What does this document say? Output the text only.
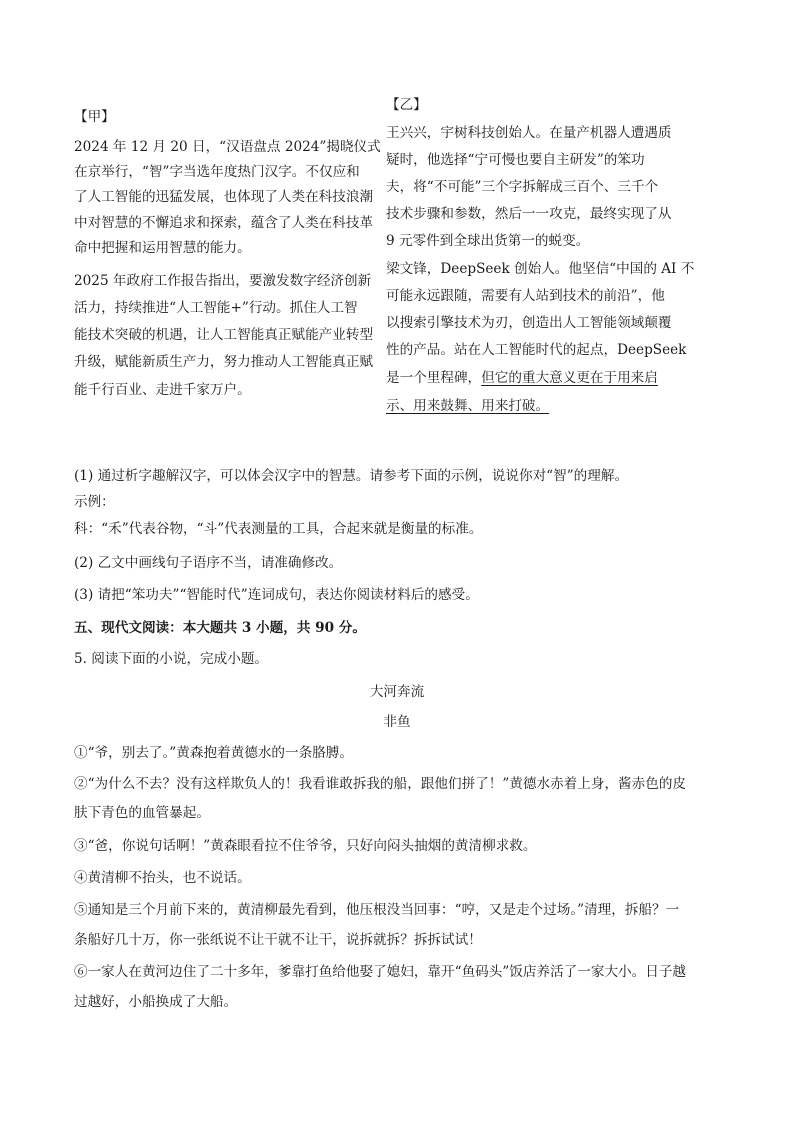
【甲】
2024 年 12 月 20 日，“汉语盘点 2024”揭晓仪式
在京举行，“智”字当选年度热门汉字。不仅应和
了人工智能的迅猛发展，也体现了人类在科技浪潮
中对智慧的不懈追求和探索，蕴含了人类在科技革
命中把握和运用智慧的能力。
2025 年政府工作报告指出，要激发数字经济创新
活力，持续推进“人工智能+”行动。抓住人工智
能技术突破的机遇，让人工智能真正赋能产业转型
升级，赋能新质生产力，努力推动人工智能真正赋
能千行百业、走进千家万户。
【乙】
王兴兴，宇树科技创始人。在量产机器人遭遇质
疑时，他选择“宁可慢也要自主研发”的笨功
夫，将“不可能”三个字拆解成三百个、三千个
技术步骤和参数，然后一一攻克，最终实现了从
9 元零件到全球出货第一的蜕变。
梁文锋，DeepSeek 创始人。他坚信“中国的 AI 不
可能永远跟随，需要有人站到技术的前沿”，他
以搜索引擎技术为刃，创造出人工智能领域颠覆
性的产品。站在人工智能时代的起点，DeepSeek
是一个里程碑，但它的重大意义更在于用来启
示、用来鼓舞、用来打破。
(1) 通过析字趣解汉字，可以体会汉字中的智慧。请参考下面的示例，说说你对“智”的理解。
示例：
科：“禾”代表谷物，“斗”代表测量的工具，合起来就是衡量的标准。
(2) 乙文中画线句子语序不当，请准确修改。
(3) 请把“笨功夫”“智能时代”连词成句，表达你阅读材料后的感受。
五、现代文阅读：本大题共 3 小题，共 90 分。
5. 阅读下面的小说，完成小题。
大河奔流
非鱼
①“爷，别去了。”黄森抱着黄德水的一条胳膊。
②“为什么不去？没有这样欺负人的！我看谁敢拆我的船，跟他们拼了！”黄德水赤着上身，酱赤色的皮
肤下青色的血管暴起。
③“爸，你说句话啊！”黄森眼看拉不住爷爷，只好向闷头抽烟的黄清柳求救。
④黄清柳不抬头，也不说话。
⑤通知是三个月前下来的，黄清柳最先看到，他压根没当回事：“哼，又是走个过场。”清理，拆船？一
条船好几十万，你一张纸说不让干就不让干，说拆就拆？拆拆试试！
⑥一家人在黄河边住了二十多年，爹靠打鱼给他娶了媳妇，靠开“鱼码头”饭店养活了一家大小。日子越
过越好，小船换成了大船。
